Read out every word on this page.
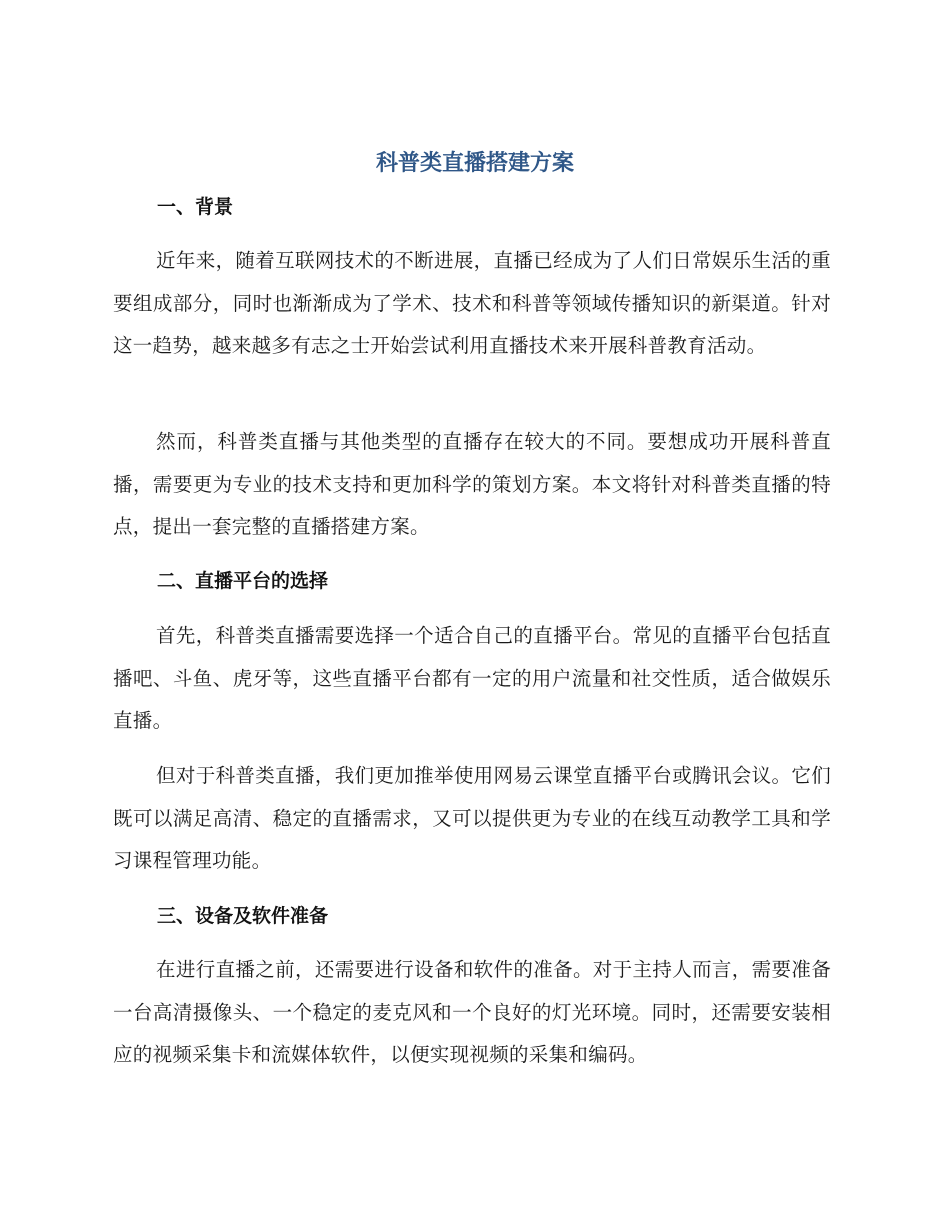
科普类直播搭建方案
一、背景

近年来，随着互联网技术的不断进展，直播已经成为了人们日常娱乐生活的重要组成部分，同时也渐渐成为了学术、技术和科普等领域传播知识的新渠道。针对这一趋势，越来越多有志之士开始尝试利用直播技术来开展科普教育活动。

然而，科普类直播与其他类型的直播存在较大的不同。要想成功开展科普直播，需要更为专业的技术支持和更加科学的策划方案。本文将针对科普类直播的特点，提出一套完整的直播搭建方案。

二、直播平台的选择

首先，科普类直播需要选择一个适合自己的直播平台。常见的直播平台包括直播吧、斗鱼、虎牙等，这些直播平台都有一定的用户流量和社交性质，适合做娱乐直播。

但对于科普类直播，我们更加推举使用网易云课堂直播平台或腾讯会议。它们既可以满足高清、稳定的直播需求，又可以提供更为专业的在线互动教学工具和学习课程管理功能。

三、设备及软件准备

在进行直播之前，还需要进行设备和软件的准备。对于主持人而言，需要准备一台高清摄像头、一个稳定的麦克风和一个良好的灯光环境。同时，还需要安装相应的视频采集卡和流媒体软件，以便实现视频的采集和编码。
